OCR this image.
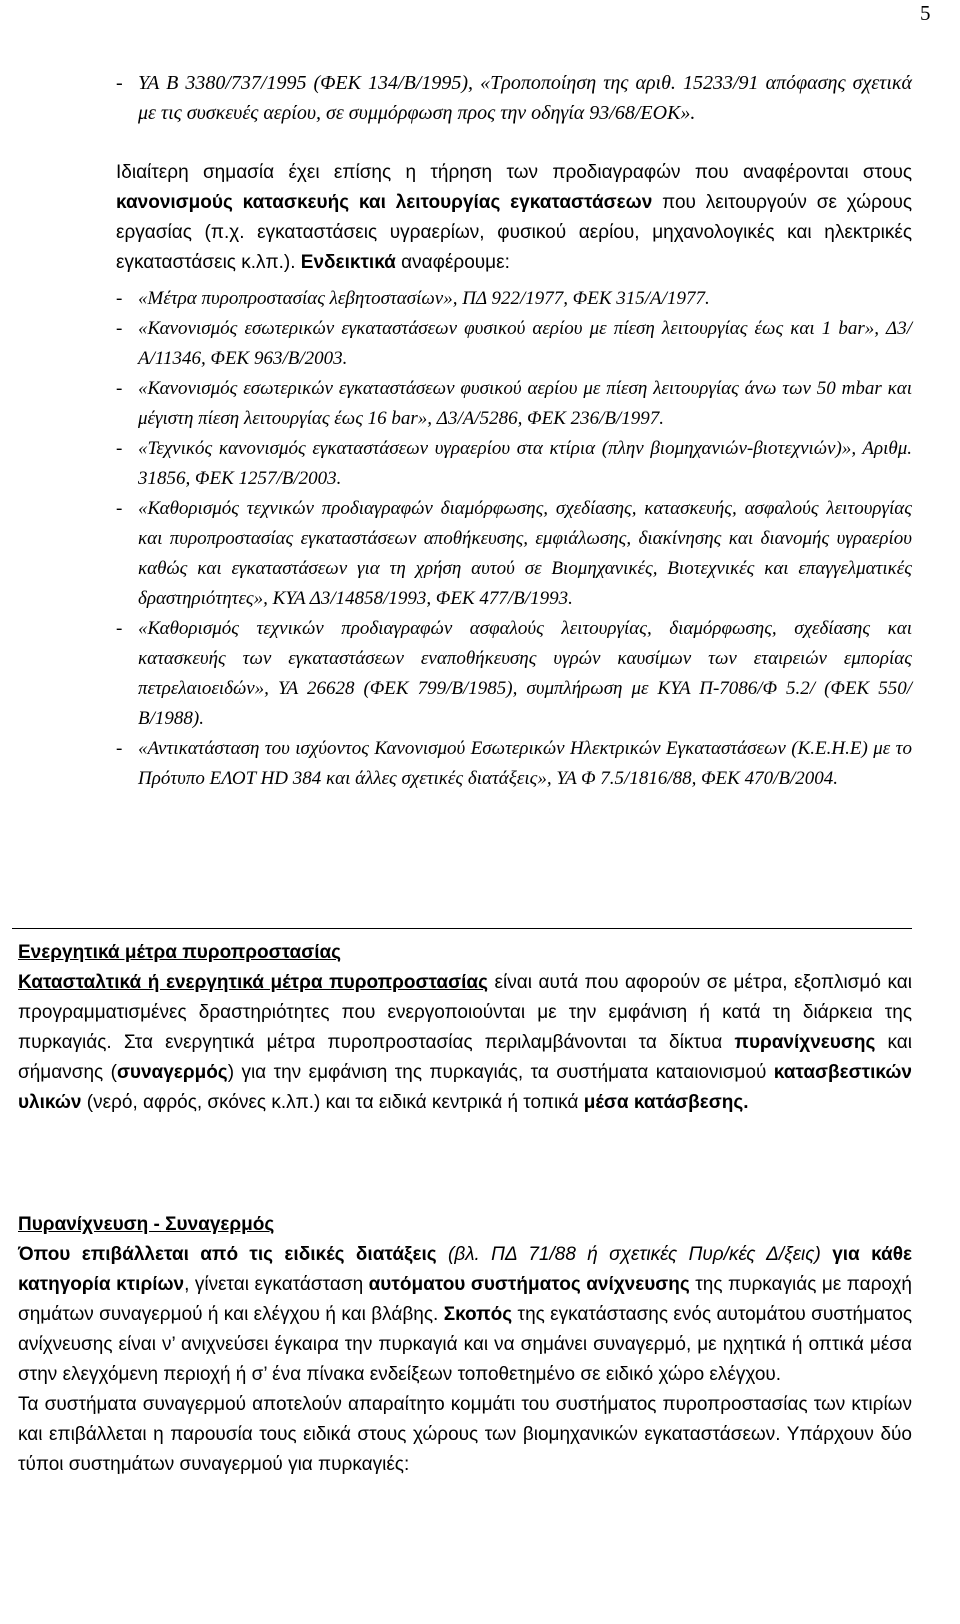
5
- ΥΑ Β 3380/737/1995 (ΦΕΚ 134/Β/1995), «Τροποποίηση της αριθ. 15233/91 απόφασης σχετικά με τις συσκευές αερίου, σε συμμόρφωση προς την οδηγία 93/68/ΕΟΚ».
Ιδιαίτερη σημασία έχει επίσης η τήρηση των προδιαγραφών που αναφέρονται στους κανονισμούς κατασκευής και λειτουργίας εγκαταστάσεων που λειτουργούν σε χώρους εργασίας (π.χ. εγκαταστάσεις υγραερίων, φυσικού αερίου, μηχανολογικές και ηλεκτρικές εγκαταστάσεις κ.λπ.). Ενδεικτικά αναφέρουμε:
- «Μέτρα πυροπροστασίας λεβητοστασίων», ΠΔ 922/1977, ΦΕΚ 315/Α/1977.
- «Κανονισμός εσωτερικών εγκαταστάσεων φυσικού αερίου με πίεση λειτουργίας έως και 1 bar», Δ3/Α/11346, ΦΕΚ 963/Β/2003.
- «Κανονισμός εσωτερικών εγκαταστάσεων φυσικού αερίου με πίεση λειτουργίας άνω των 50 mbar και μέγιστη πίεση λειτουργίας έως 16 bar», Δ3/Α/5286, ΦΕΚ 236/Β/1997.
- «Τεχνικός κανονισμός εγκαταστάσεων υγραερίου στα κτίρια (πλην βιομηχανιών-βιοτεχνιών)», Αριθμ. 31856, ΦΕΚ 1257/Β/2003.
- «Καθορισμός τεχνικών προδιαγραφών διαμόρφωσης, σχεδίασης, κατασκευής, ασφαλούς λειτουργίας και πυροπροστασίας εγκαταστάσεων αποθήκευσης, εμφιάλωσης, διακίνησης και διανομής υγραερίου καθώς και εγκαταστάσεων για τη χρήση αυτού σε Βιομηχανικές, Βιοτεχνικές και επαγγελματικές δραστηριότητες», ΚΥΑ Δ3/14858/1993, ΦΕΚ 477/Β/1993.
- «Καθορισμός τεχνικών προδιαγραφών ασφαλούς λειτουργίας, διαμόρφωσης, σχεδίασης και κατασκευής των εγκαταστάσεων εναποθήκευσης υγρών καυσίμων των εταιρειών εμπορίας πετρελαιοειδών», ΥΑ 26628 (ΦΕΚ 799/Β/1985), συμπλήρωση με ΚΥΑ Π-7086/Φ 5.2/ (ΦΕΚ 550/Β/1988).
- «Αντικατάσταση του ισχύοντος Κανονισμού Εσωτερικών Ηλεκτρικών Εγκαταστάσεων (Κ.Ε.Η.Ε) με το Πρότυπο ΕΛΟΤ HD 384 και άλλες σχετικές διατάξεις», ΥΑ Φ 7.5/1816/88, ΦΕΚ 470/Β/2004.
Ενεργητικά μέτρα πυροπροστασίας
Κατασταλτικά ή ενεργητικά μέτρα πυροπροστασίας είναι αυτά που αφορούν σε μέτρα, εξοπλισμό και προγραμματισμένες δραστηριότητες που ενεργοποιούνται με την εμφάνιση ή κατά τη διάρκεια της πυρκαγιάς. Στα ενεργητικά μέτρα πυροπροστασίας περιλαμβάνονται τα δίκτυα πυρανίχνευσης και σήμανσης (συναγερμός) για την εμφάνιση της πυρκαγιάς, τα συστήματα καταιονισμού κατασβεστικών υλικών (νερό, αφρός, σκόνες κ.λπ.) και τα ειδικά κεντρικά ή τοπικά μέσα κατάσβεσης.
Πυρανίχνευση - Συναγερμός
Όπου επιβάλλεται από τις ειδικές διατάξεις (βλ. ΠΔ 71/88 ή σχετικές Πυρ/κές Δ/ξεις) για κάθε κατηγορία κτιρίων, γίνεται εγκατάσταση αυτόματου συστήματος ανίχνευσης της πυρκαγιάς με παροχή σημάτων συναγερμού ή και ελέγχου ή και βλάβης. Σκοπός της εγκατάστασης ενός αυτομάτου συστήματος ανίχνευσης είναι ν’ ανιχνεύσει έγκαιρα την πυρκαγιά και να σημάνει συναγερμό, με ηχητικά ή οπτικά μέσα στην ελεγχόμενη περιοχή ή σ’ ένα πίνακα ενδείξεων τοποθετημένο σε ειδικό χώρο ελέγχου.
Τα συστήματα συναγερμού αποτελούν απαραίτητο κομμάτι του συστήματος πυροπροστασίας των κτιρίων και επιβάλλεται η παρουσία τους ειδικά στους χώρους των βιομηχανικών εγκαταστάσεων. Υπάρχουν δύο τύποι συστημάτων συναγερμού για πυρκαγιές:
